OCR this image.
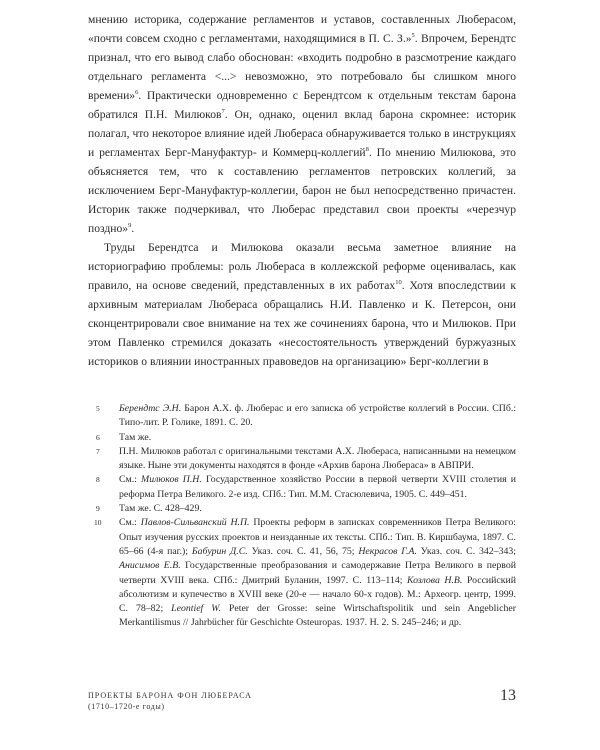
мнению историка, содержание регламентов и уставов, составленных Люберасом, «почти совсем сходно с регламентами, находящимися в П. С. З.»$^5$. Впрочем, Берендтс признал, что его вывод слабо обоснован: «входить подробно в разсмотрение каждаго отдельнаго регламента <...> невозможно, это потребовало бы слишком много времени»$^6$. Практически одновременно с Берендтсом к отдельным текстам барона обратился П.Н. Милюков$^7$. Он, однако, оценил вклад барона скромнее: историк полагал, что некоторое влияние идей Любераса обнаруживается только в инструкциях и регламентах Берг-Мануфактур- и Коммерц-коллегий$^8$. По мнению Милюкова, это объясняется тем, что к составлению регламентов петровских коллегий, за исключением Берг-Мануфактур-коллегии, барон не был непосредственно причастен. Историк также подчеркивал, что Люберас представил свои проекты «черезчур поздно»$^9$.

Труды Берендтса и Милюкова оказали весьма заметное влияние на историографию проблемы: роль Любераса в коллежской реформе оценивалась, как правило, на основе сведений, представленных в их работах$^{10}$. Хотя впоследствии к архивным материалам Любераса обращались Н.И. Павленко и К. Петерсон, они сконцентрировали свое внимание на тех же сочинениях барона, что и Милюков. При этом Павленко стремился доказать «несостоятельность утверждений буржуазных историков о влиянии иностранных правоведов на организацию» Берг-коллегии в

5 Берендтс Э.Н. Барон А.Х. ф. Люберас и его записка об устройстве коллегий в России. СПб.: Типо-лит. Р. Голике, 1891. С. 20.
6 Там же.
7 П.Н. Милюков работал с оригинальными текстами А.Х. Любераса, написанными на немецком языке. Ныне эти документы находятся в фонде «Архив барона Любераса» в АВПРИ.
8 См.: Милюков П.Н. Государственное хозяйство России в первой четверти XVIII столетия и реформа Петра Великого. 2-е изд. СПб.: Тип. М.М. Стасюлевича, 1905. С. 449–451.
9 Там же. С. 428–429.
10 См.: Павлов-Сильванский Н.П. Проекты реформ в записках современников Петра Великого: Опыт изучения русских проектов и неизданные их тексты. СПб.: Тип. В. Киршбаума, 1897. С. 65–66 (4-я паг.); Бабурин Д.С. Указ. соч. С. 41, 56, 75; Некрасов Г.А. Указ. соч. С. 342–343; Анисимов Е.В. Государственные преобразования и самодержавие Петра Великого в первой четверти XVIII века. СПб.: Дмитрий Буланин, 1997. С. 113–114; Козлова Н.В. Российский абсолютизм и купечество в XVIII веке (20-е — начало 60-х годов). М.: Археогр. центр, 1999. С. 78–82; Leontief W. Peter der Grosse: seine Wirtschaftspolitik und sein Angeblicher Merkantilismus // Jahrbücher für Geschichte Osteuropas. 1937. H. 2. S. 245–246; и др.
ПРОЕКТЫ БАРОНА ФОН ЛЮБЕРАСА
(1710–1720-е годы)
13
